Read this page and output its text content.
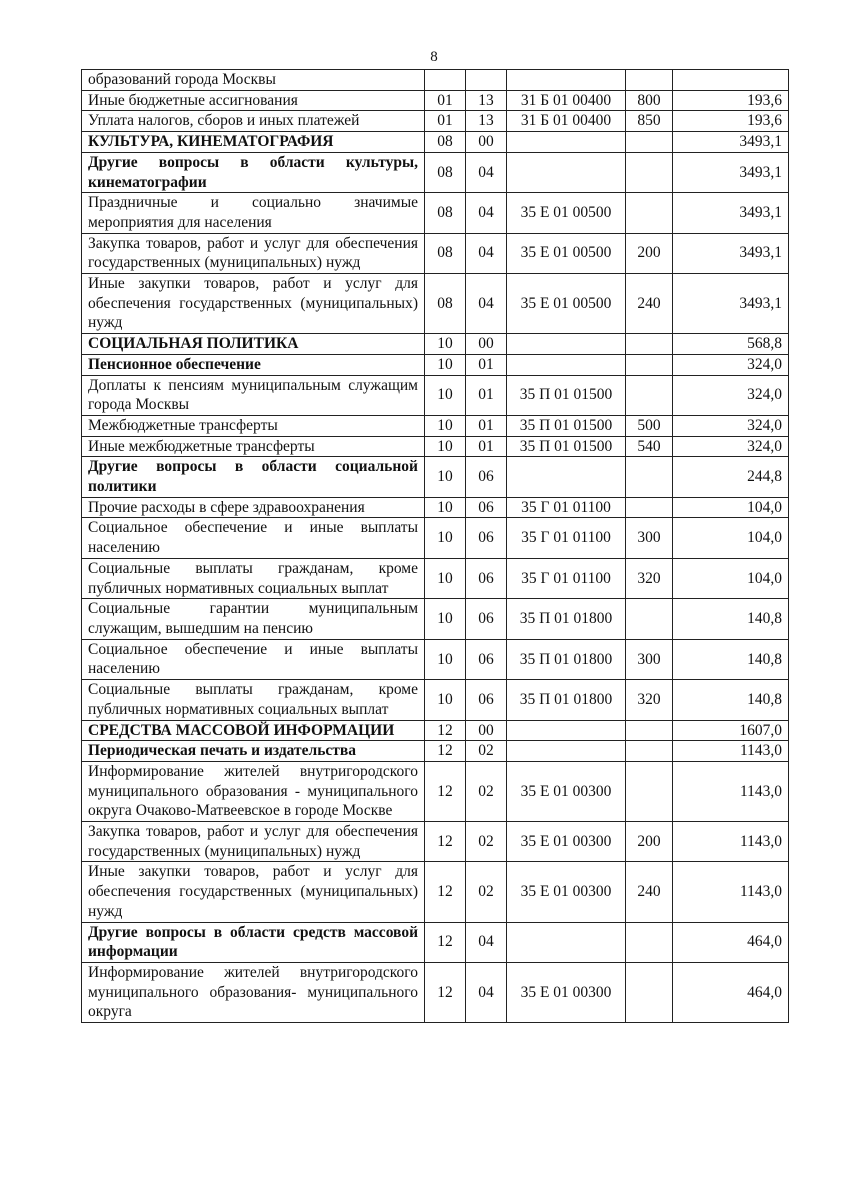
8
образований города Москвы					
Иные бюджетные ассигнования	01	13	31 Б 01 00400	800	193,6
Уплата налогов, сборов и иных платежей	01	13	31 Б 01 00400	850	193,6
КУЛЬТУРА, КИНЕМАТОГРАФИЯ	08	00			3493,1
Другие вопросы в области культуры, кинематографии	08	04			3493,1
Праздничные и социально значимые мероприятия для населения	08	04	35 Е 01 00500		3493,1
Закупка товаров, работ и услуг для обеспечения государственных (муниципальных) нужд	08	04	35 Е 01 00500	200	3493,1
Иные закупки товаров, работ и услуг для обеспечения государственных (муниципальных) нужд	08	04	35 Е 01 00500	240	3493,1
СОЦИАЛЬНАЯ ПОЛИТИКА	10	00			568,8
Пенсионное обеспечение	10	01			324,0
Доплаты к пенсиям муниципальным служащим города Москвы	10	01	35 П 01 01500		324,0
Межбюджетные трансферты	10	01	35 П 01 01500	500	324,0
Иные межбюджетные трансферты	10	01	35 П 01 01500	540	324,0
Другие вопросы в области социальной политики	10	06			244,8
Прочие расходы в сфере здравоохранения	10	06	35 Г 01 01100		104,0
Социальное обеспечение и иные выплаты населению	10	06	35 Г 01 01100	300	104,0
Социальные выплаты гражданам, кроме публичных нормативных социальных выплат	10	06	35 Г 01 01100	320	104,0
Социальные гарантии муниципальным служащим, вышедшим на пенсию	10	06	35 П 01 01800		140,8
Социальное обеспечение и иные выплаты населению	10	06	35 П 01 01800	300	140,8
Социальные выплаты гражданам, кроме публичных нормативных социальных выплат	10	06	35 П 01 01800	320	140,8
СРЕДСТВА МАССОВОЙ ИНФОРМАЦИИ	12	00			1607,0
Периодическая печать и издательства	12	02			1143,0
Информирование жителей внутригородского муниципального образования - муниципального округа Очаково-Матвеевское в городе Москве	12	02	35 Е 01 00300		1143,0
Закупка товаров, работ и услуг для обеспечения государственных (муниципальных) нужд	12	02	35 Е 01 00300	200	1143,0
Иные закупки товаров, работ и услуг для обеспечения государственных (муниципальных) нужд	12	02	35 Е 01 00300	240	1143,0
Другие вопросы в области средств массовой информации	12	04			464,0
Информирование жителей внутригородского муниципального образования- муниципального округа	12	04	35 Е 01 00300		464,0
